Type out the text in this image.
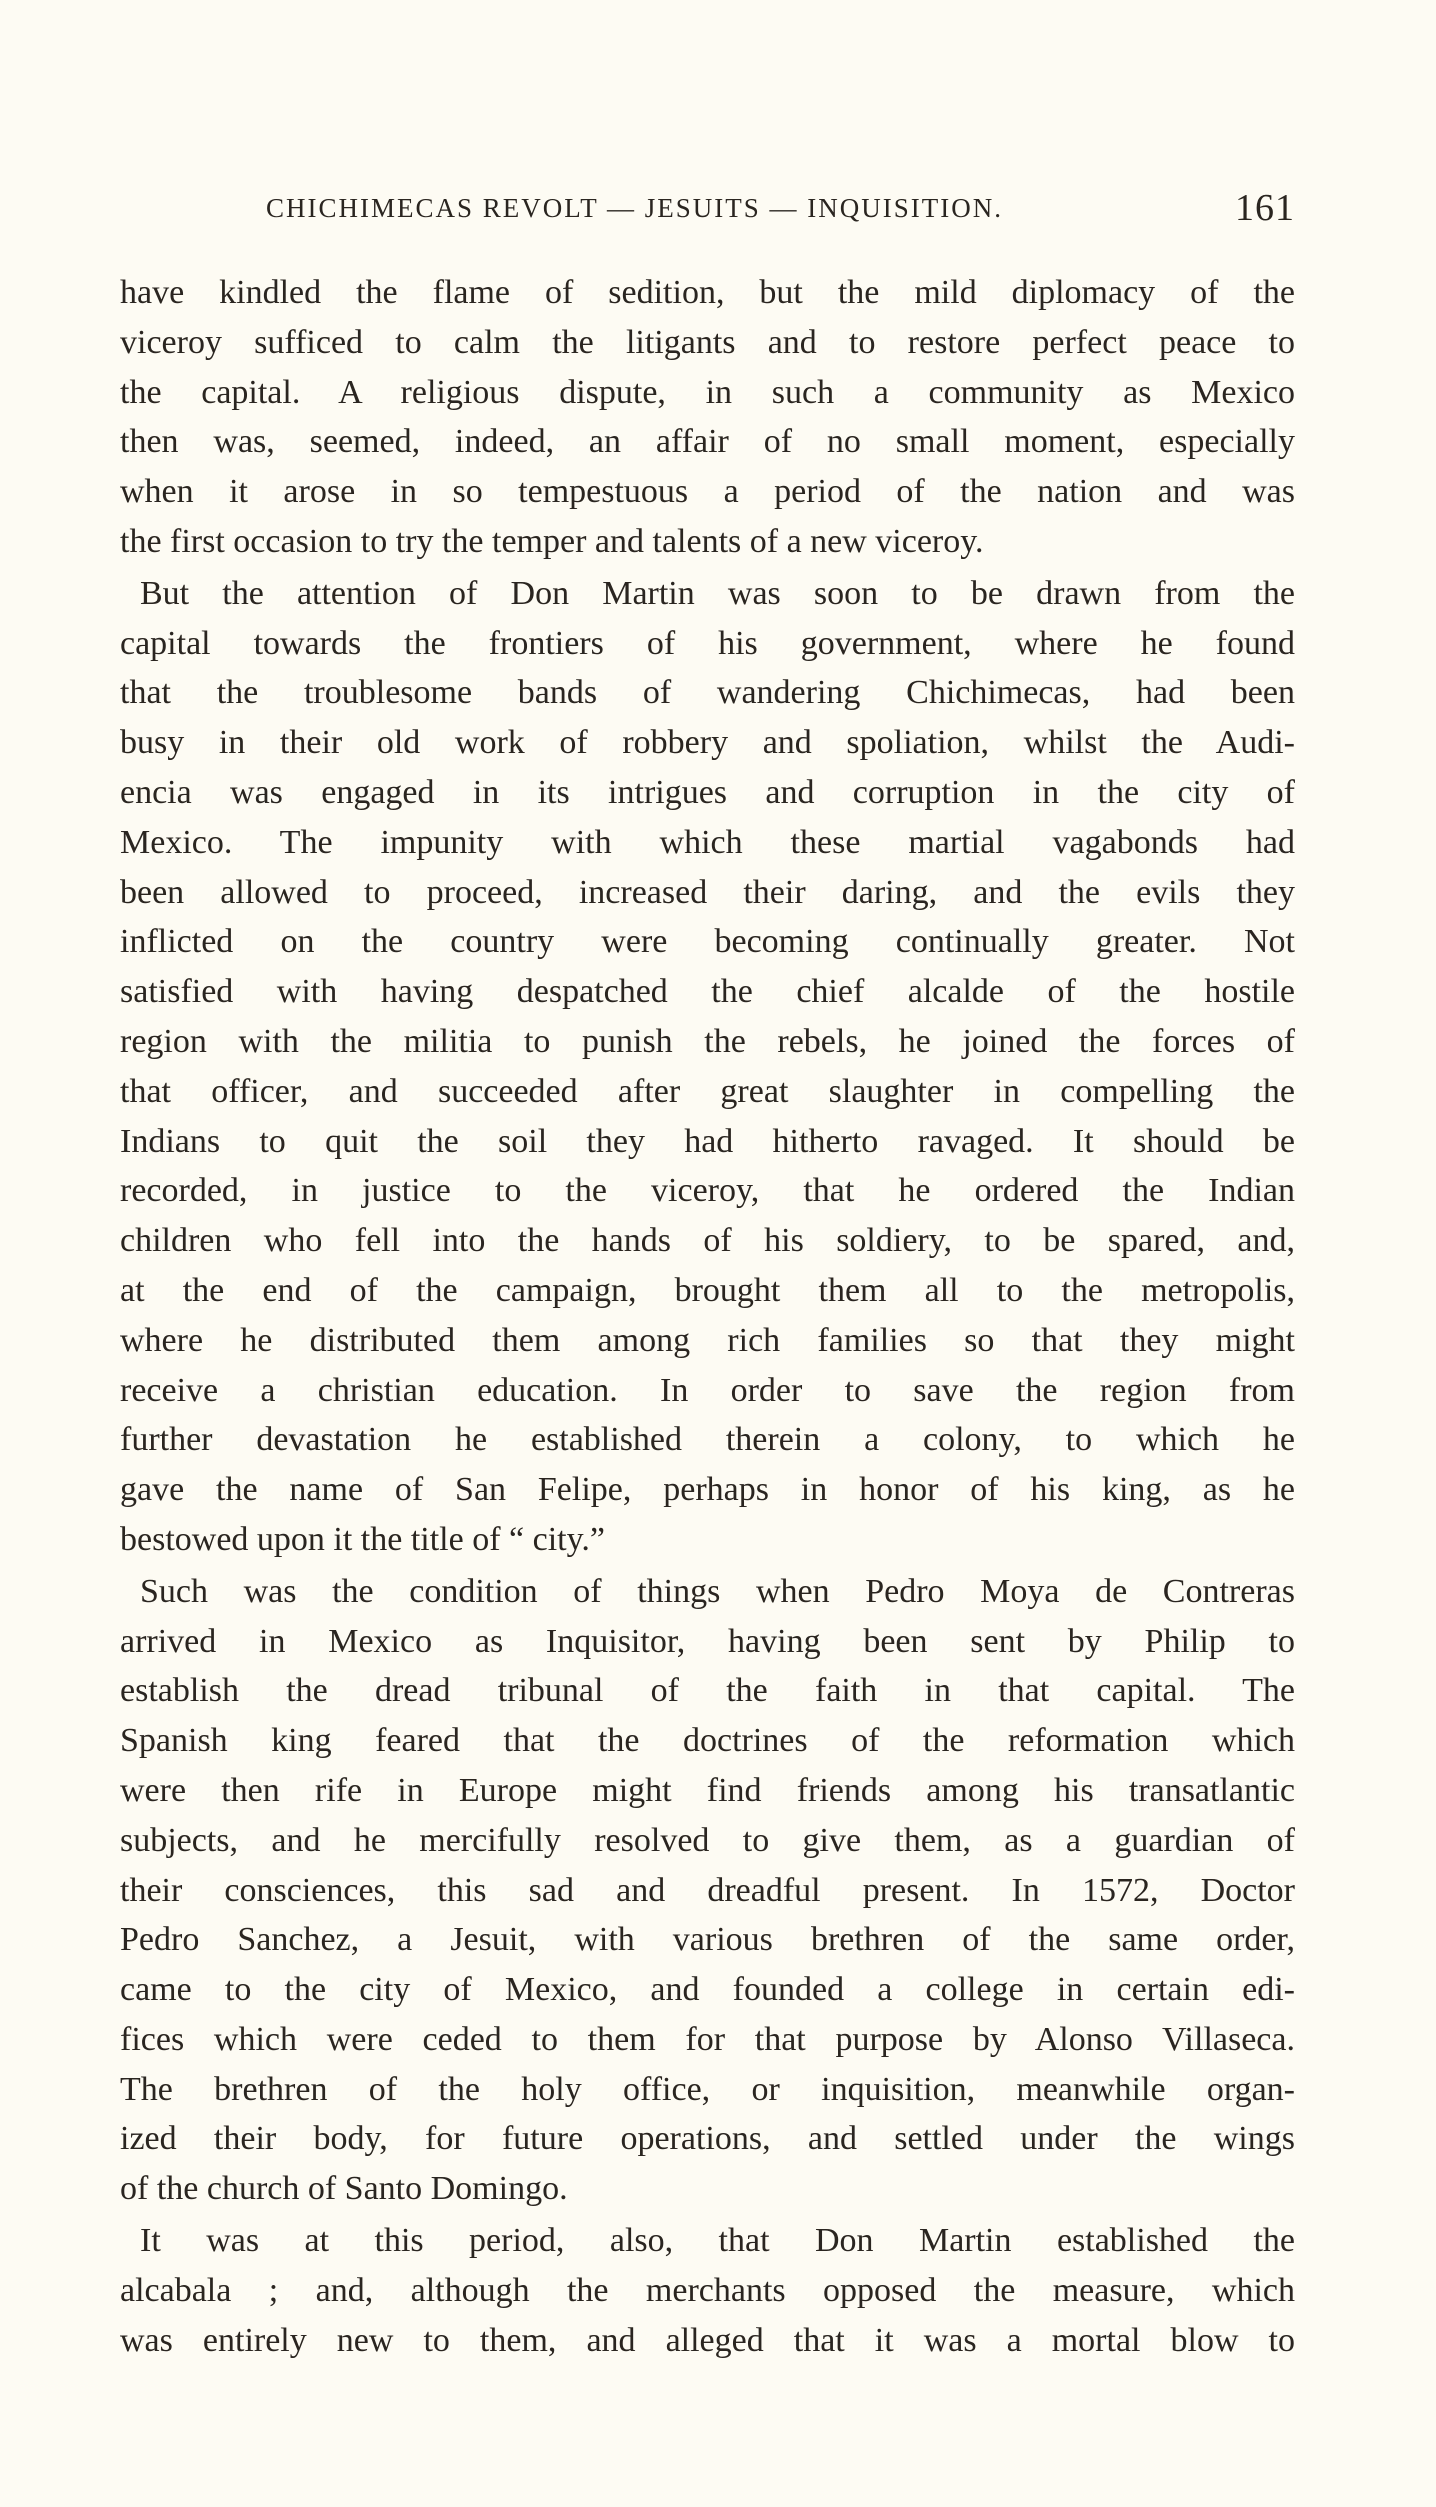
CHICHIMECAS REVOLT — JESUITS — INQUISITION.	161
have kindled the flame of sedition, but the mild diplomacy of the
viceroy sufficed to calm the litigants and to restore perfect peace to
the capital. A religious dispute, in such a community as Mexico
then was, seemed, indeed, an affair of no small moment, especially
when it arose in so tempestuous a period of the nation and was
the first occasion to try the temper and talents of a new viceroy.
But the attention of Don Martin was soon to be drawn from the
capital towards the frontiers of his government, where he found
that the troublesome bands of wandering Chichimecas, had been
busy in their old work of robbery and spoliation, whilst the Audi-
encia was engaged in its intrigues and corruption in the city of
Mexico. The impunity with which these martial vagabonds had
been allowed to proceed, increased their daring, and the evils they
inflicted on the country were becoming continually greater. Not
satisfied with having despatched the chief alcalde of the hostile
region with the militia to punish the rebels, he joined the forces of
that officer, and succeeded after great slaughter in compelling the
Indians to quit the soil they had hitherto ravaged. It should be
recorded, in justice to the viceroy, that he ordered the Indian
children who fell into the hands of his soldiery, to be spared, and,
at the end of the campaign, brought them all to the metropolis,
where he distributed them among rich families so that they might
receive a christian education. In order to save the region from
further devastation he established therein a colony, to which he
gave the name of San Felipe, perhaps in honor of his king, as he
bestowed upon it the title of “ city.”
Such was the condition of things when Pedro Moya de Contreras
arrived in Mexico as Inquisitor, having been sent by Philip to
establish the dread tribunal of the faith in that capital. The
Spanish king feared that the doctrines of the reformation which
were then rife in Europe might find friends among his transatlantic
subjects, and he mercifully resolved to give them, as a guardian of
their consciences, this sad and dreadful present. In 1572, Doctor
Pedro Sanchez, a Jesuit, with various brethren of the same order,
came to the city of Mexico, and founded a college in certain edi-
fices which were ceded to them for that purpose by Alonso Villaseca.
The brethren of the holy office, or inquisition, meanwhile organ-
ized their body, for future operations, and settled under the wings
of the church of Santo Domingo.
It was at this period, also, that Don Martin established the
alcabala ; and, although the merchants opposed the measure, which
was entirely new to them, and alleged that it was a mortal blow to
